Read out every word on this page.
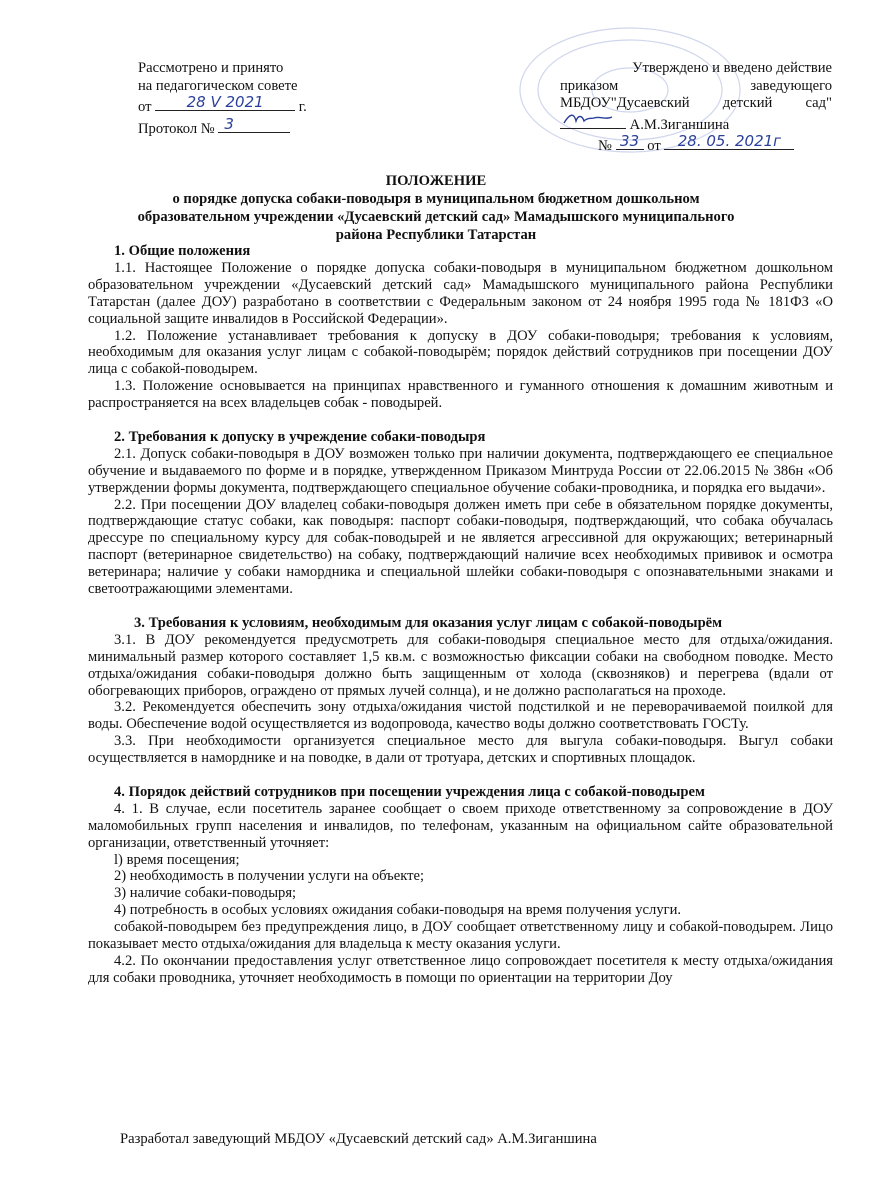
Рассмотрено и принято
на педагогическом совете
от	28 V 2021	г.
Протокол № 3
Утверждено и введено действие
приказом	заведующего
МБДОУ"Дусаевский детский сад"
А.М.Зиганшина
№ 33 от	28. 05. 2021г
ПОЛОЖЕНИЕ
о порядке допуска собаки-поводыря в муниципальном бюджетном дошкольном
образовательном учреждении «Дусаевский детский сад» Мамадышского муниципального
района Республики Татарстан
1. Общие положения
1.1. Настоящее Положение о порядке допуска собаки-поводыря в муниципальном бюджетном дошкольном образовательном учреждении «Дусаевский детский сад» Мамадышского муниципального района Республики Татарстан (далее ДОУ) разработано в соответствии с Федеральным законом от 24 ноября 1995 года № 181ФЗ «О социальной защите инвалидов в Российской Федерации».
1.2. Положение устанавливает требования к допуску в ДОУ собаки-поводыря; требования к условиям, необходимым для оказания услуг лицам с собакой-поводырём; порядок действий сотрудников при посещении ДОУ лица с собакой-поводырем.
1.3. Положение основывается на принципах нравственного и гуманного отношения к домашним животным и распространяется на всех владельцев собак - поводырей.
2. Требования к допуску в учреждение собаки-поводыря
2.1. Допуск собаки-поводыря в ДОУ возможен только при наличии документа, подтверждающего ее специальное обучение и выдаваемого по форме и в порядке, утвержденном Приказом Минтруда России от 22.06.2015 № 386н «Об утверждении формы документа, подтверждающего специальное обучение собаки-проводника, и порядка его выдачи».
2.2. При посещении ДОУ владелец собаки-поводыря должен иметь при себе в обязательном порядке документы, подтверждающие статус собаки, как поводыря: паспорт собаки-поводыря, подтверждающий, что собака обучалась дрессуре по специальному курсу для собак-поводырей и не является агрессивной для окружающих; ветеринарный паспорт (ветеринарное свидетельство) на собаку, подтверждающий наличие всех необходимых прививок и осмотра ветеринара; наличие у собаки намордника и специальной шлейки собаки-поводыря с опознавательными знаками и светоотражающими элементами.
3. Требования к условиям, необходимым для оказания услуг лицам с собакой-поводырём
3.1. В ДОУ рекомендуется предусмотреть для собаки-поводыря специальное место для отдыха/ожидания. минимальный размер которого составляет 1,5 кв.м. с возможностью фиксации собаки на свободном поводке. Место отдыха/ожидания собаки-поводыря должно быть защищенным от холода (сквозняков) и перегрева (вдали от обогревающих приборов, ограждено от прямых лучей солнца), и не должно располагаться на проходе.
3.2. Рекомендуется обеспечить зону отдыха/ожидания чистой подстилкой и не переворачиваемой поилкой для воды. Обеспечение водой осуществляется из водопровода, качество воды должно соответствовать ГОСТу.
3.3. При необходимости организуется специальное место для выгула собаки-поводыря. Выгул собаки осуществляется в наморднике и на поводке, в дали от тротуара, детских и спортивных площадок.
4. Порядок действий сотрудников при посещении учреждения лица с собакой-поводырем
4. 1. В случае, если посетитель заранее сообщает о своем приходе ответственному за сопровождение в ДОУ маломобильных групп населения и инвалидов, по телефонам, указанным на официальном сайте образовательной организации, ответственный уточняет:
l) время посещения;
2) необходимость в получении услуги на объекте;
3) наличие собаки-поводыря;
4) потребность в особых условиях ожидания собаки-поводыря на время получения услуги.
собакой-поводырем без предупреждения лицо, в ДОУ сообщает ответственному лицу и собакой-поводырем. Лицо показывает место отдыха/ожидания для владельца к месту оказания услуги.
4.2. По окончании предоставления услуг ответственное лицо сопровождает посетителя к месту отдыха/ожидания для собаки проводника, уточняет необходимость в помощи по ориентации на территории Доу
Разработал заведующий МБДОУ «Дусаевский детский сад» А.М.Зиганшина
